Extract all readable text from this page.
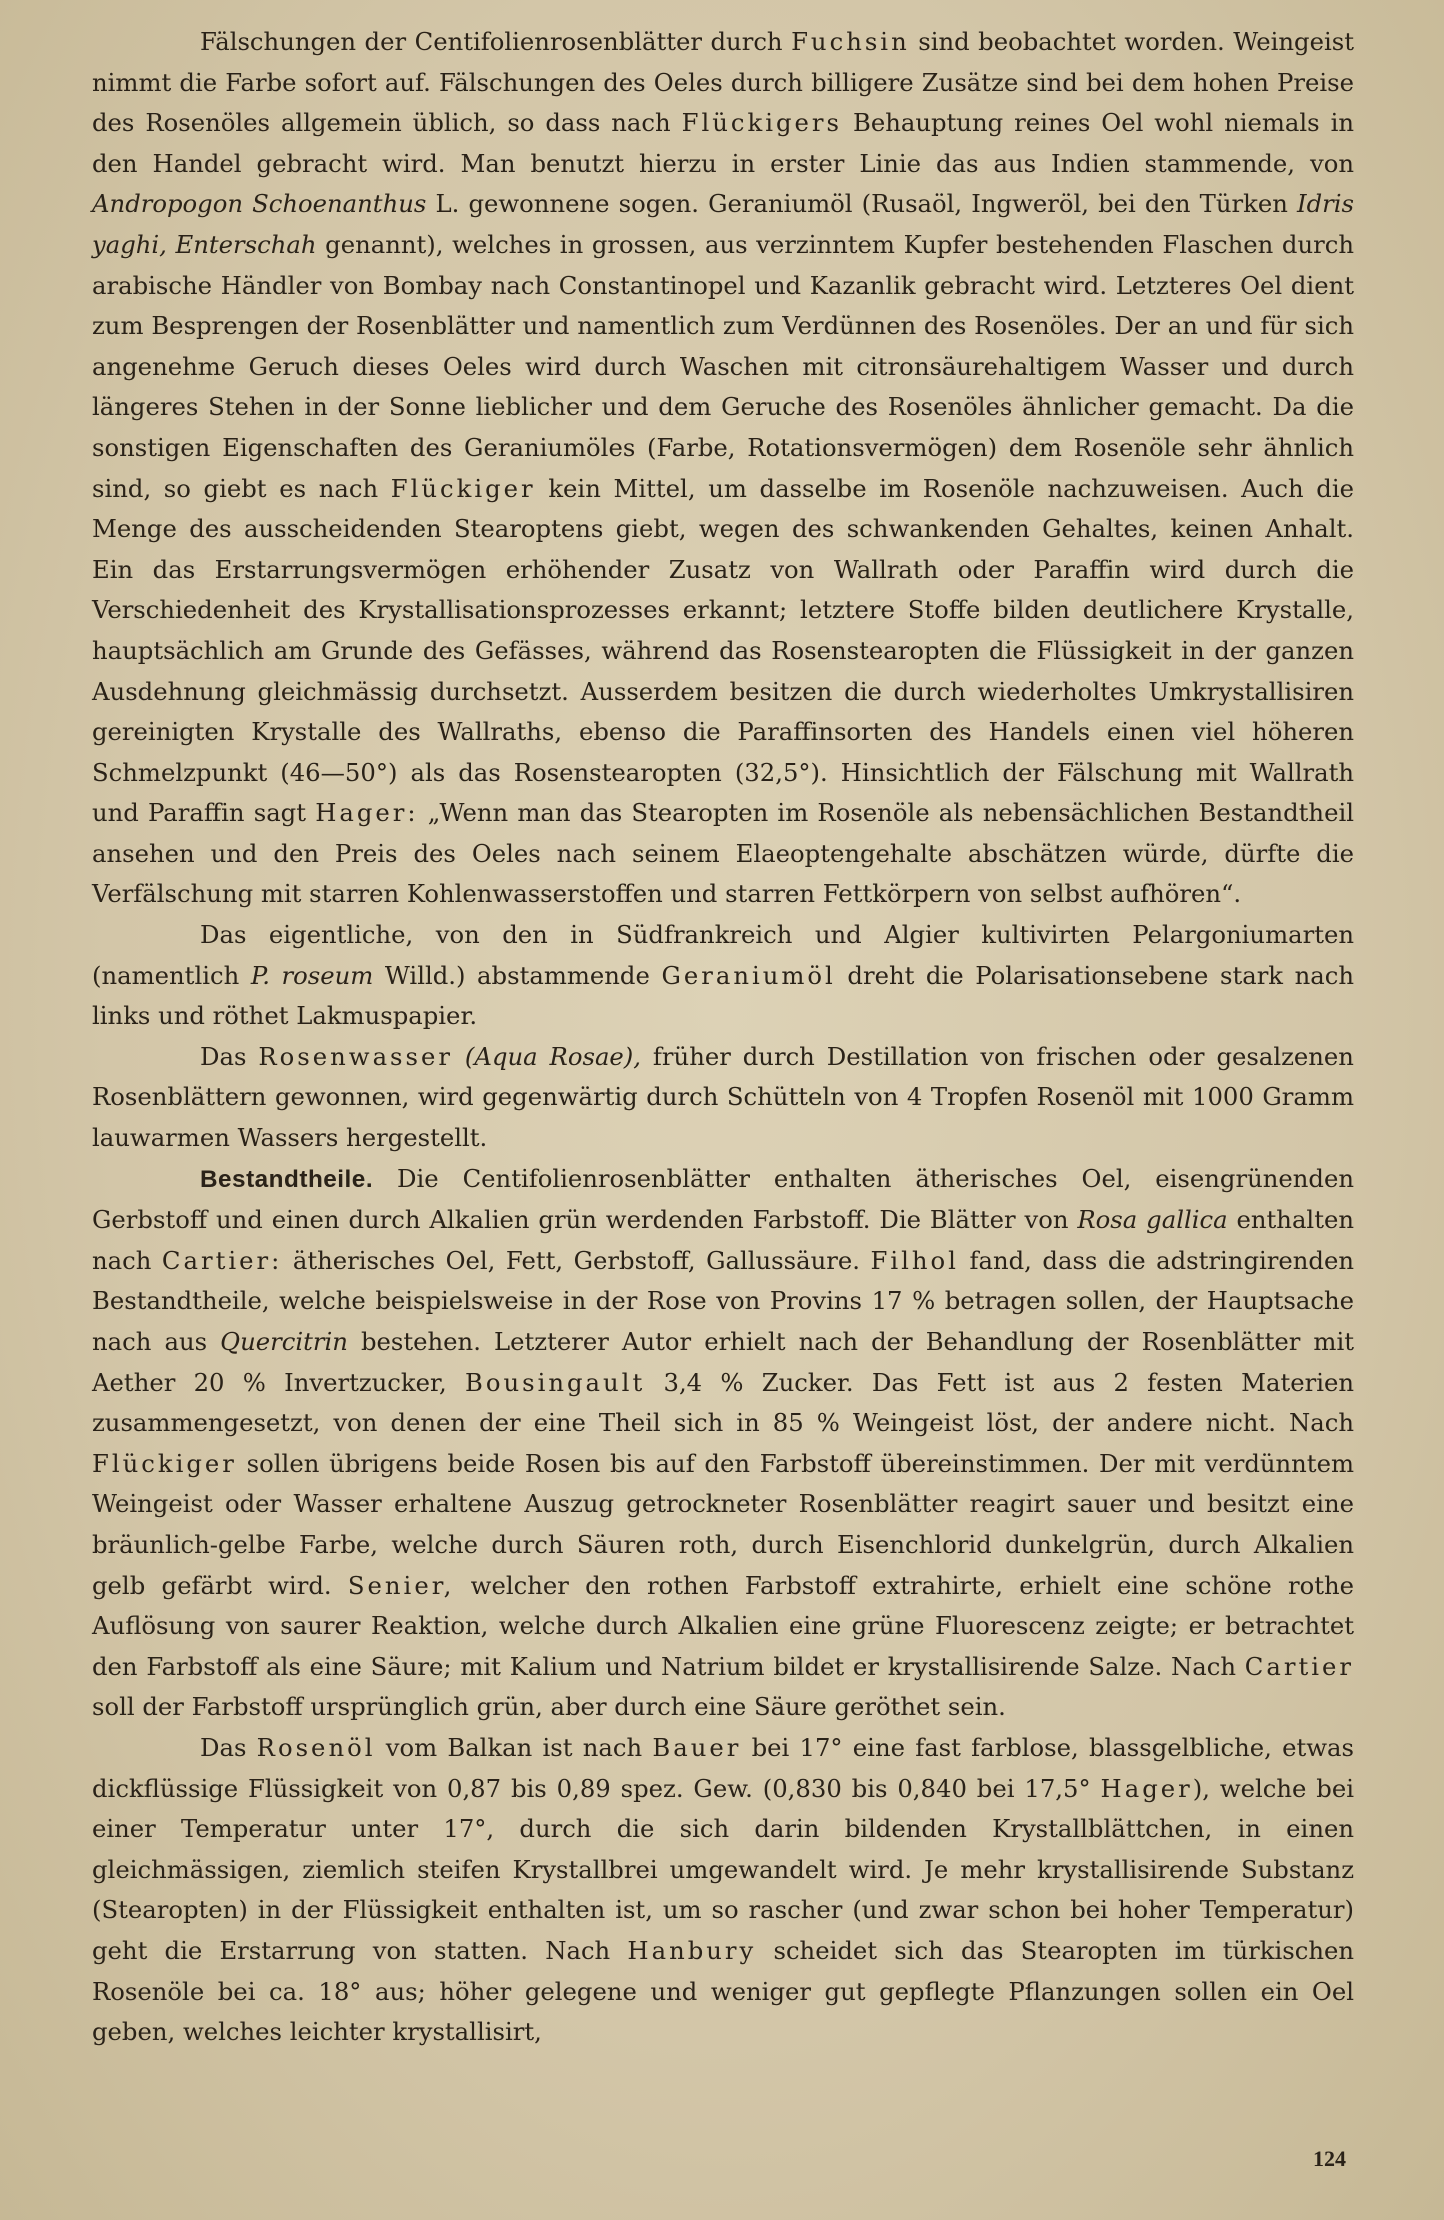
Fälschungen der Centifolienrosenblätter durch Fuchsin sind beobachtet worden. Weingeist nimmt die Farbe sofort auf. Fälschungen des Oeles durch billigere Zusätze sind bei dem hohen Preise des Rosenöles allgemein üblich, so dass nach Flückigers Behauptung reines Oel wohl niemals in den Handel gebracht wird. Man benutzt hierzu in erster Linie das aus Indien stammende, von Andropogon Schoenanthus L. gewonnene sogen. Geraniumöl (Rusaöl, Ingweröl, bei den Türken Idris yaghi, Enterschah genannt), welches in grossen, aus verzinntem Kupfer bestehenden Flaschen durch arabische Händler von Bombay nach Constantinopel und Kazanlik gebracht wird. Letzteres Oel dient zum Besprengen der Rosenblätter und namentlich zum Verdünnen des Rosenöles. Der an und für sich angenehme Geruch dieses Oeles wird durch Waschen mit citronsäurehaltigem Wasser und durch längeres Stehen in der Sonne lieblicher und dem Geruche des Rosenöles ähnlicher gemacht. Da die sonstigen Eigenschaften des Geraniumöles (Farbe, Rotationsvermögen) dem Rosenöle sehr ähnlich sind, so giebt es nach Flückiger kein Mittel, um dasselbe im Rosenöle nachzuweisen. Auch die Menge des ausscheidenden Stearoptens giebt, wegen des schwankenden Gehaltes, keinen Anhalt. Ein das Erstarrungsvermögen erhöhender Zusatz von Wallrath oder Paraffin wird durch die Verschiedenheit des Krystallisationsprozesses erkannt; letztere Stoffe bilden deutlichere Krystalle, hauptsächlich am Grunde des Gefässes, während das Rosenstearopten die Flüssigkeit in der ganzen Ausdehnung gleichmässig durchsetzt. Ausserdem besitzen die durch wiederholtes Umkrystallisiren gereinigten Krystalle des Wallraths, ebenso die Paraffinsorten des Handels einen viel höheren Schmelzpunkt (46—50°) als das Rosenstearopten (32,5°). Hinsichtlich der Fälschung mit Wallrath und Paraffin sagt Hager: „Wenn man das Stearopten im Rosenöle als nebensächlichen Bestandtheil ansehen und den Preis des Oeles nach seinem Elaeoptengehalte abschätzen würde, dürfte die Verfälschung mit starren Kohlenwasserstoffen und starren Fettkörpern von selbst aufhören“.

Das eigentliche, von den in Südfrankreich und Algier kultivirten Pelargoniumarten (namentlich P. roseum Willd.) abstammende Geraniumöl dreht die Polarisationsebene stark nach links und röthet Lakmuspapier.

Das Rosenwasser (Aqua Rosae), früher durch Destillation von frischen oder gesalzenen Rosenblättern gewonnen, wird gegenwärtig durch Schütteln von 4 Tropfen Rosenöl mit 1000 Gramm lauwarmen Wassers hergestellt.

Bestandtheile. Die Centifolienrosenblätter enthalten ätherisches Oel, eisengrünenden Gerbstoff und einen durch Alkalien grün werdenden Farbstoff. Die Blätter von Rosa gallica enthalten nach Cartier: ätherisches Oel, Fett, Gerbstoff, Gallussäure. Filhol fand, dass die adstringirenden Bestandtheile, welche beispielsweise in der Rose von Provins 17 % betragen sollen, der Hauptsache nach aus Quercitrin bestehen. Letzterer Autor erhielt nach der Behandlung der Rosenblätter mit Aether 20 % Invertzucker, Bousingault 3,4 % Zucker. Das Fett ist aus 2 festen Materien zusammengesetzt, von denen der eine Theil sich in 85 % Weingeist löst, der andere nicht. Nach Flückiger sollen übrigens beide Rosen bis auf den Farbstoff übereinstimmen. Der mit verdünntem Weingeist oder Wasser erhaltene Auszug getrockneter Rosenblätter reagirt sauer und besitzt eine bräunlich-gelbe Farbe, welche durch Säuren roth, durch Eisenchlorid dunkelgrün, durch Alkalien gelb gefärbt wird. Senier, welcher den rothen Farbstoff extrahirte, erhielt eine schöne rothe Auflösung von saurer Reaktion, welche durch Alkalien eine grüne Fluorescenz zeigte; er betrachtet den Farbstoff als eine Säure; mit Kalium und Natrium bildet er krystallisirende Salze. Nach Cartier soll der Farbstoff ursprünglich grün, aber durch eine Säure geröthet sein.

Das Rosenöl vom Balkan ist nach Bauer bei 17° eine fast farblose, blassgelbliche, etwas dickflüssige Flüssigkeit von 0,87 bis 0,89 spez. Gew. (0,830 bis 0,840 bei 17,5° Hager), welche bei einer Temperatur unter 17°, durch die sich darin bildenden Krystallblättchen, in einen gleichmässigen, ziemlich steifen Krystallbrei umgewandelt wird. Je mehr krystallisirende Substanz (Stearopten) in der Flüssigkeit enthalten ist, um so rascher (und zwar schon bei hoher Temperatur) geht die Erstarrung von statten. Nach Hanbury scheidet sich das Stearopten im türkischen Rosenöle bei ca. 18° aus; höher gelegene und weniger gut gepflegte Pflanzungen sollen ein Oel geben, welches leichter krystallisirt,

124
